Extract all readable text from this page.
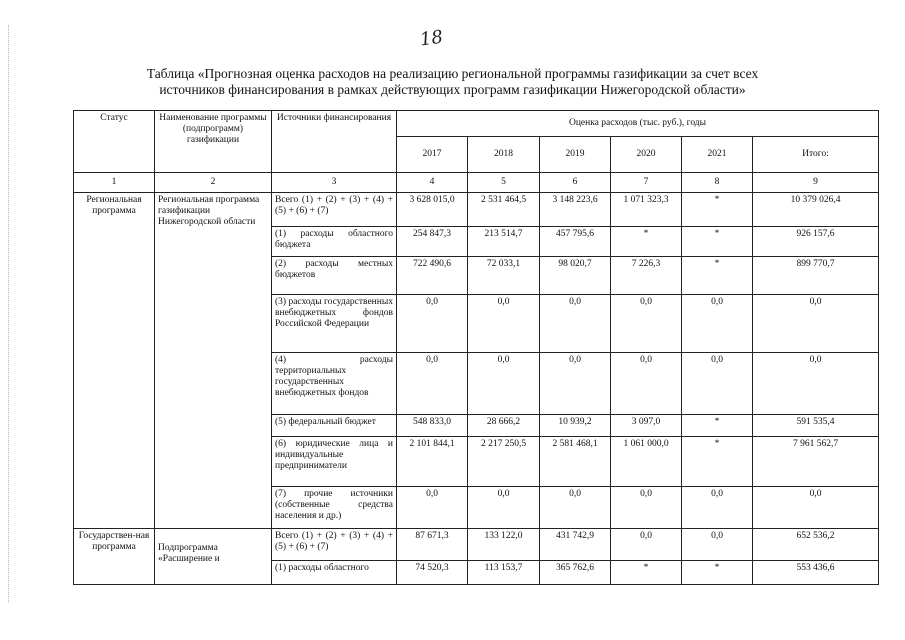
18
Таблица «Прогнозная оценка расходов на реализацию региональной программы газификации за счет всех
источников финансирования в рамках действующих программ газификации Нижегородской области»
Статус	Наименование программы (подпрограмм) газификации	Источники финансирования	Оценка расходов (тыс. руб.), годы					
			2017	2018	2019	2020	2021	Итого:
1	2	3	4	5	6	7	8	9
Региональная программа	Региональная программа газификации Нижегородской области	Всего (1) + (2) + (3) + (4) + (5) + (6) + (7)	3 628 015,0	2 531 464,5	3 148 223,6	1 071 323,3	*	10 379 026,4
		(1) расходы областного бюджета	254 847,3	213 514,7	457 795,6	*	*	926 157,6
		(2) расходы местных бюджетов	722 490,6	72 033,1	98 020,7	7 226,3	*	899 770,7
		(3) расходы государственных внебюджетных фондов Российской Федерации	0,0	0,0	0,0	0,0	0,0	0,0
		(4) расходы территориальных государственных внебюджетных фондов	0,0	0,0	0,0	0,0	0,0	0,0
		(5) федеральный бюджет	548 833,0	28 666,2	10 939,2	3 097,0	*	591 535,4
		(6) юридические лица и индивидуальные предприниматели	2 101 844,1	2 217 250,5	2 581 468,1	1 061 000,0	*	7 961 562,7
		(7) прочие источники (собственные средства населения и др.)	0,0	0,0	0,0	0,0	0,0	0,0
Государствен-ная программа	Подпрограмма «Расширение и	Всего (1) + (2) + (3) + (4) + (5) + (6) + (7)	87 671,3	133 122,0	431 742,9	0,0	0,0	652 536,2
		(1) расходы областного	74 520,3	113 153,7	365 762,6	*	*	553 436,6
